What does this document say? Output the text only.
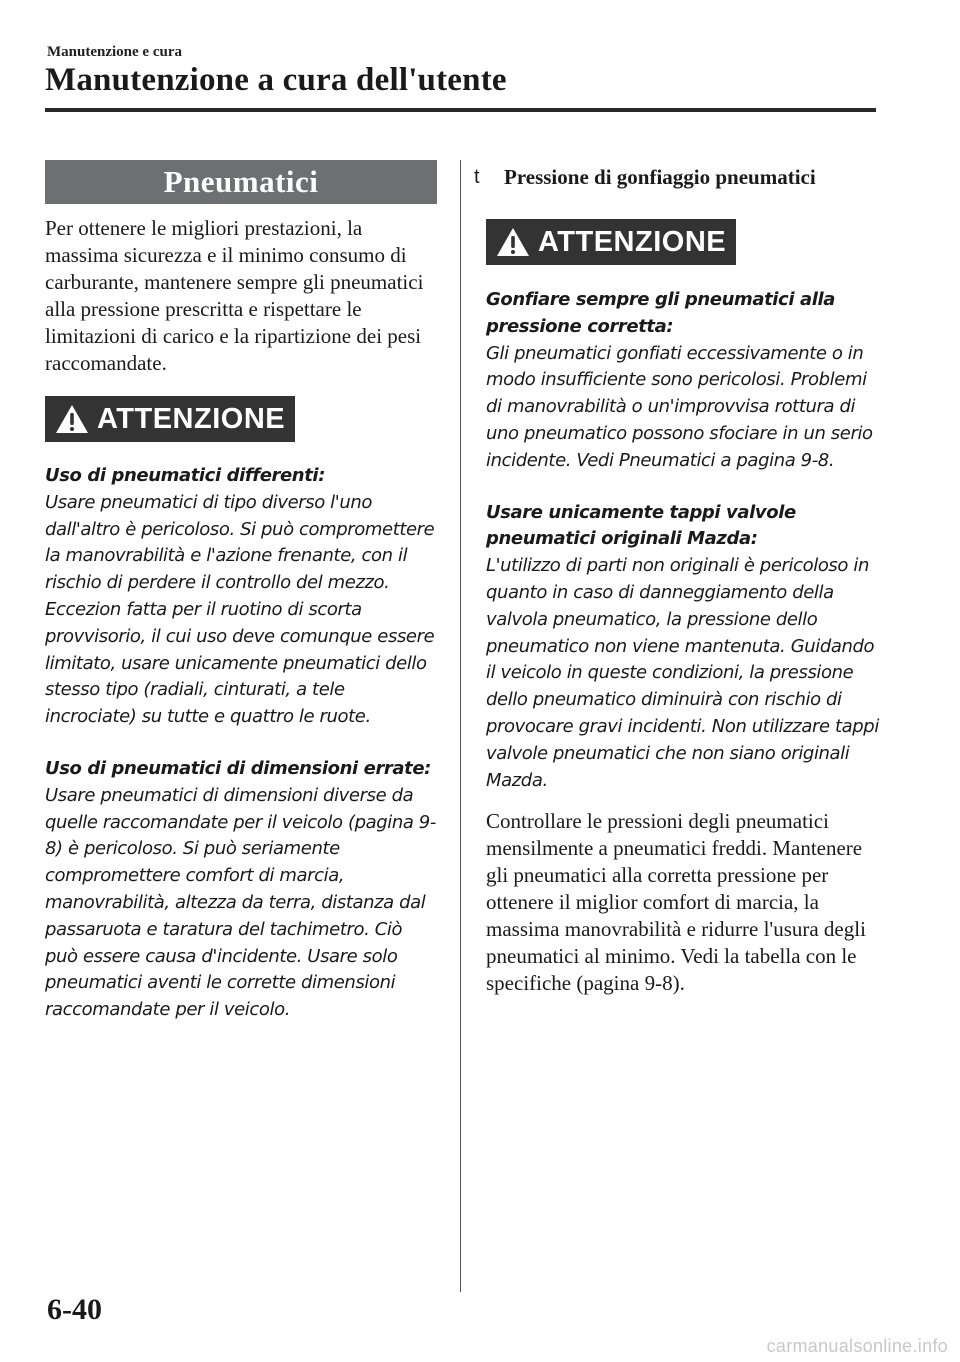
Manutenzione e cura
Manutenzione a cura dell'utente
Pneumatici

Per ottenere le migliori prestazioni, la massima sicurezza e il minimo consumo di carburante, mantenere sempre gli pneumatici alla pressione prescritta e rispettare le limitazioni di carico e la ripartizione dei pesi raccomandate.

ATTENZIONE
Uso di pneumatici differenti:
Usare pneumatici di tipo diverso l'uno dall'altro è pericoloso. Si può compromettere la manovrabilità e l'azione frenante, con il rischio di perdere il controllo del mezzo. Eccezion fatta per il ruotino di scorta provvisorio, il cui uso deve comunque essere limitato, usare unicamente pneumatici dello stesso tipo (radiali, cinturati, a tele incrociate) su tutte e quattro le ruote.
Uso di pneumatici di dimensioni errate:
Usare pneumatici di dimensioni diverse da quelle raccomandate per il veicolo (pagina 9-8) è pericoloso. Si può seriamente compromettere comfort di marcia, manovrabilità, altezza da terra, distanza dal passaruota e taratura del tachimetro. Ciò può essere causa d'incidente. Usare solo pneumatici aventi le corrette dimensioni raccomandate per il veicolo.
t	Pressione di gonfiaggio pneumatici
ATTENZIONE
Gonfiare sempre gli pneumatici alla pressione corretta:
Gli pneumatici gonfiati eccessivamente o in modo insufficiente sono pericolosi. Problemi di manovrabilità o un'improvvisa rottura di uno pneumatico possono sfociare in un serio incidente. Vedi Pneumatici a pagina 9-8.
Usare unicamente tappi valvole pneumatici originali Mazda:
L'utilizzo di parti non originali è pericoloso in quanto in caso di danneggiamento della valvola pneumatico, la pressione dello pneumatico non viene mantenuta. Guidando il veicolo in queste condizioni, la pressione dello pneumatico diminuirà con rischio di provocare gravi incidenti. Non utilizzare tappi valvole pneumatici che non siano originali Mazda.

Controllare le pressioni degli pneumatici mensilmente a pneumatici freddi. Mantenere gli pneumatici alla corretta pressione per ottenere il miglior comfort di marcia, la massima manovrabilità e ridurre l'usura degli pneumatici al minimo. Vedi la tabella con le specifiche (pagina 9-8).

6-40
carmanualsonline.info
